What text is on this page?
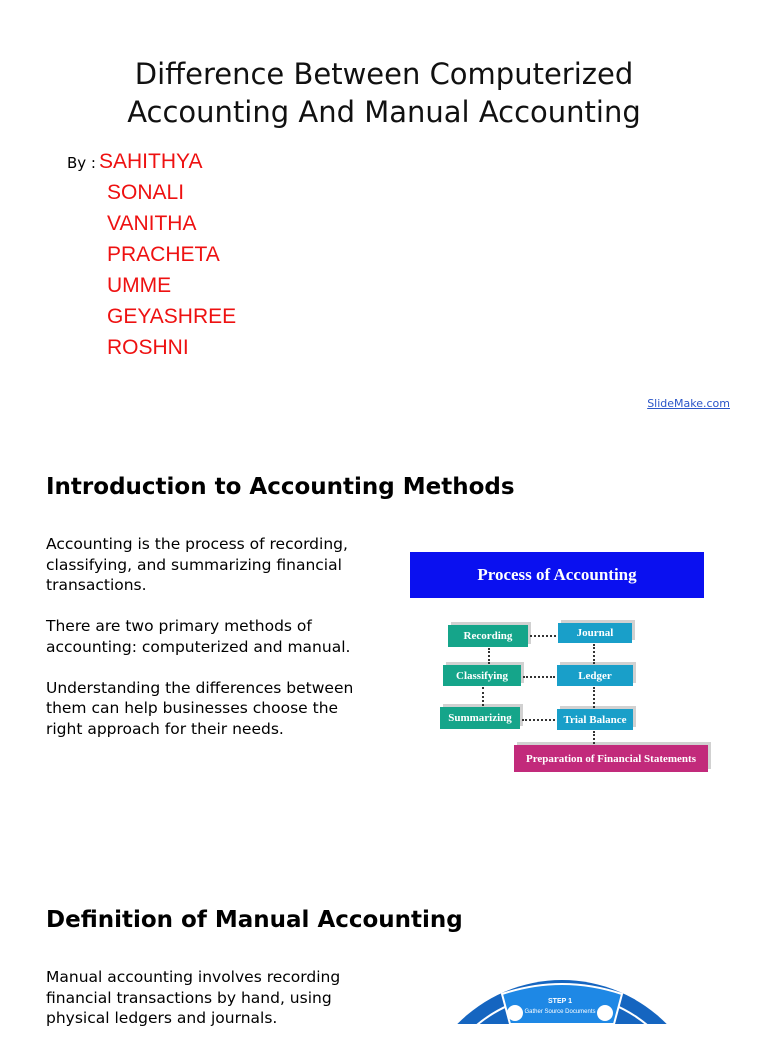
Difference Between Computerized
Accounting And Manual Accounting
By : SAHITHYA
SONALI
VANITHA
PRACHETA
UMME
GEYASHREE
ROSHNI
SlideMake.com
Introduction to Accounting Methods

Accounting is the process of recording, classifying, and summarizing financial transactions.

There are two primary methods of accounting: computerized and manual.

Understanding the differences between them can help businesses choose the right approach for their needs.

Process of Accounting
Recording
Classifying
Summarizing
Journal
Ledger
Trial Balance
Preparation of Financial Statements
Definition of Manual Accounting

Manual accounting involves recording financial transactions by hand, using physical ledgers and journals.

STEP 1
Gather Source Documents
